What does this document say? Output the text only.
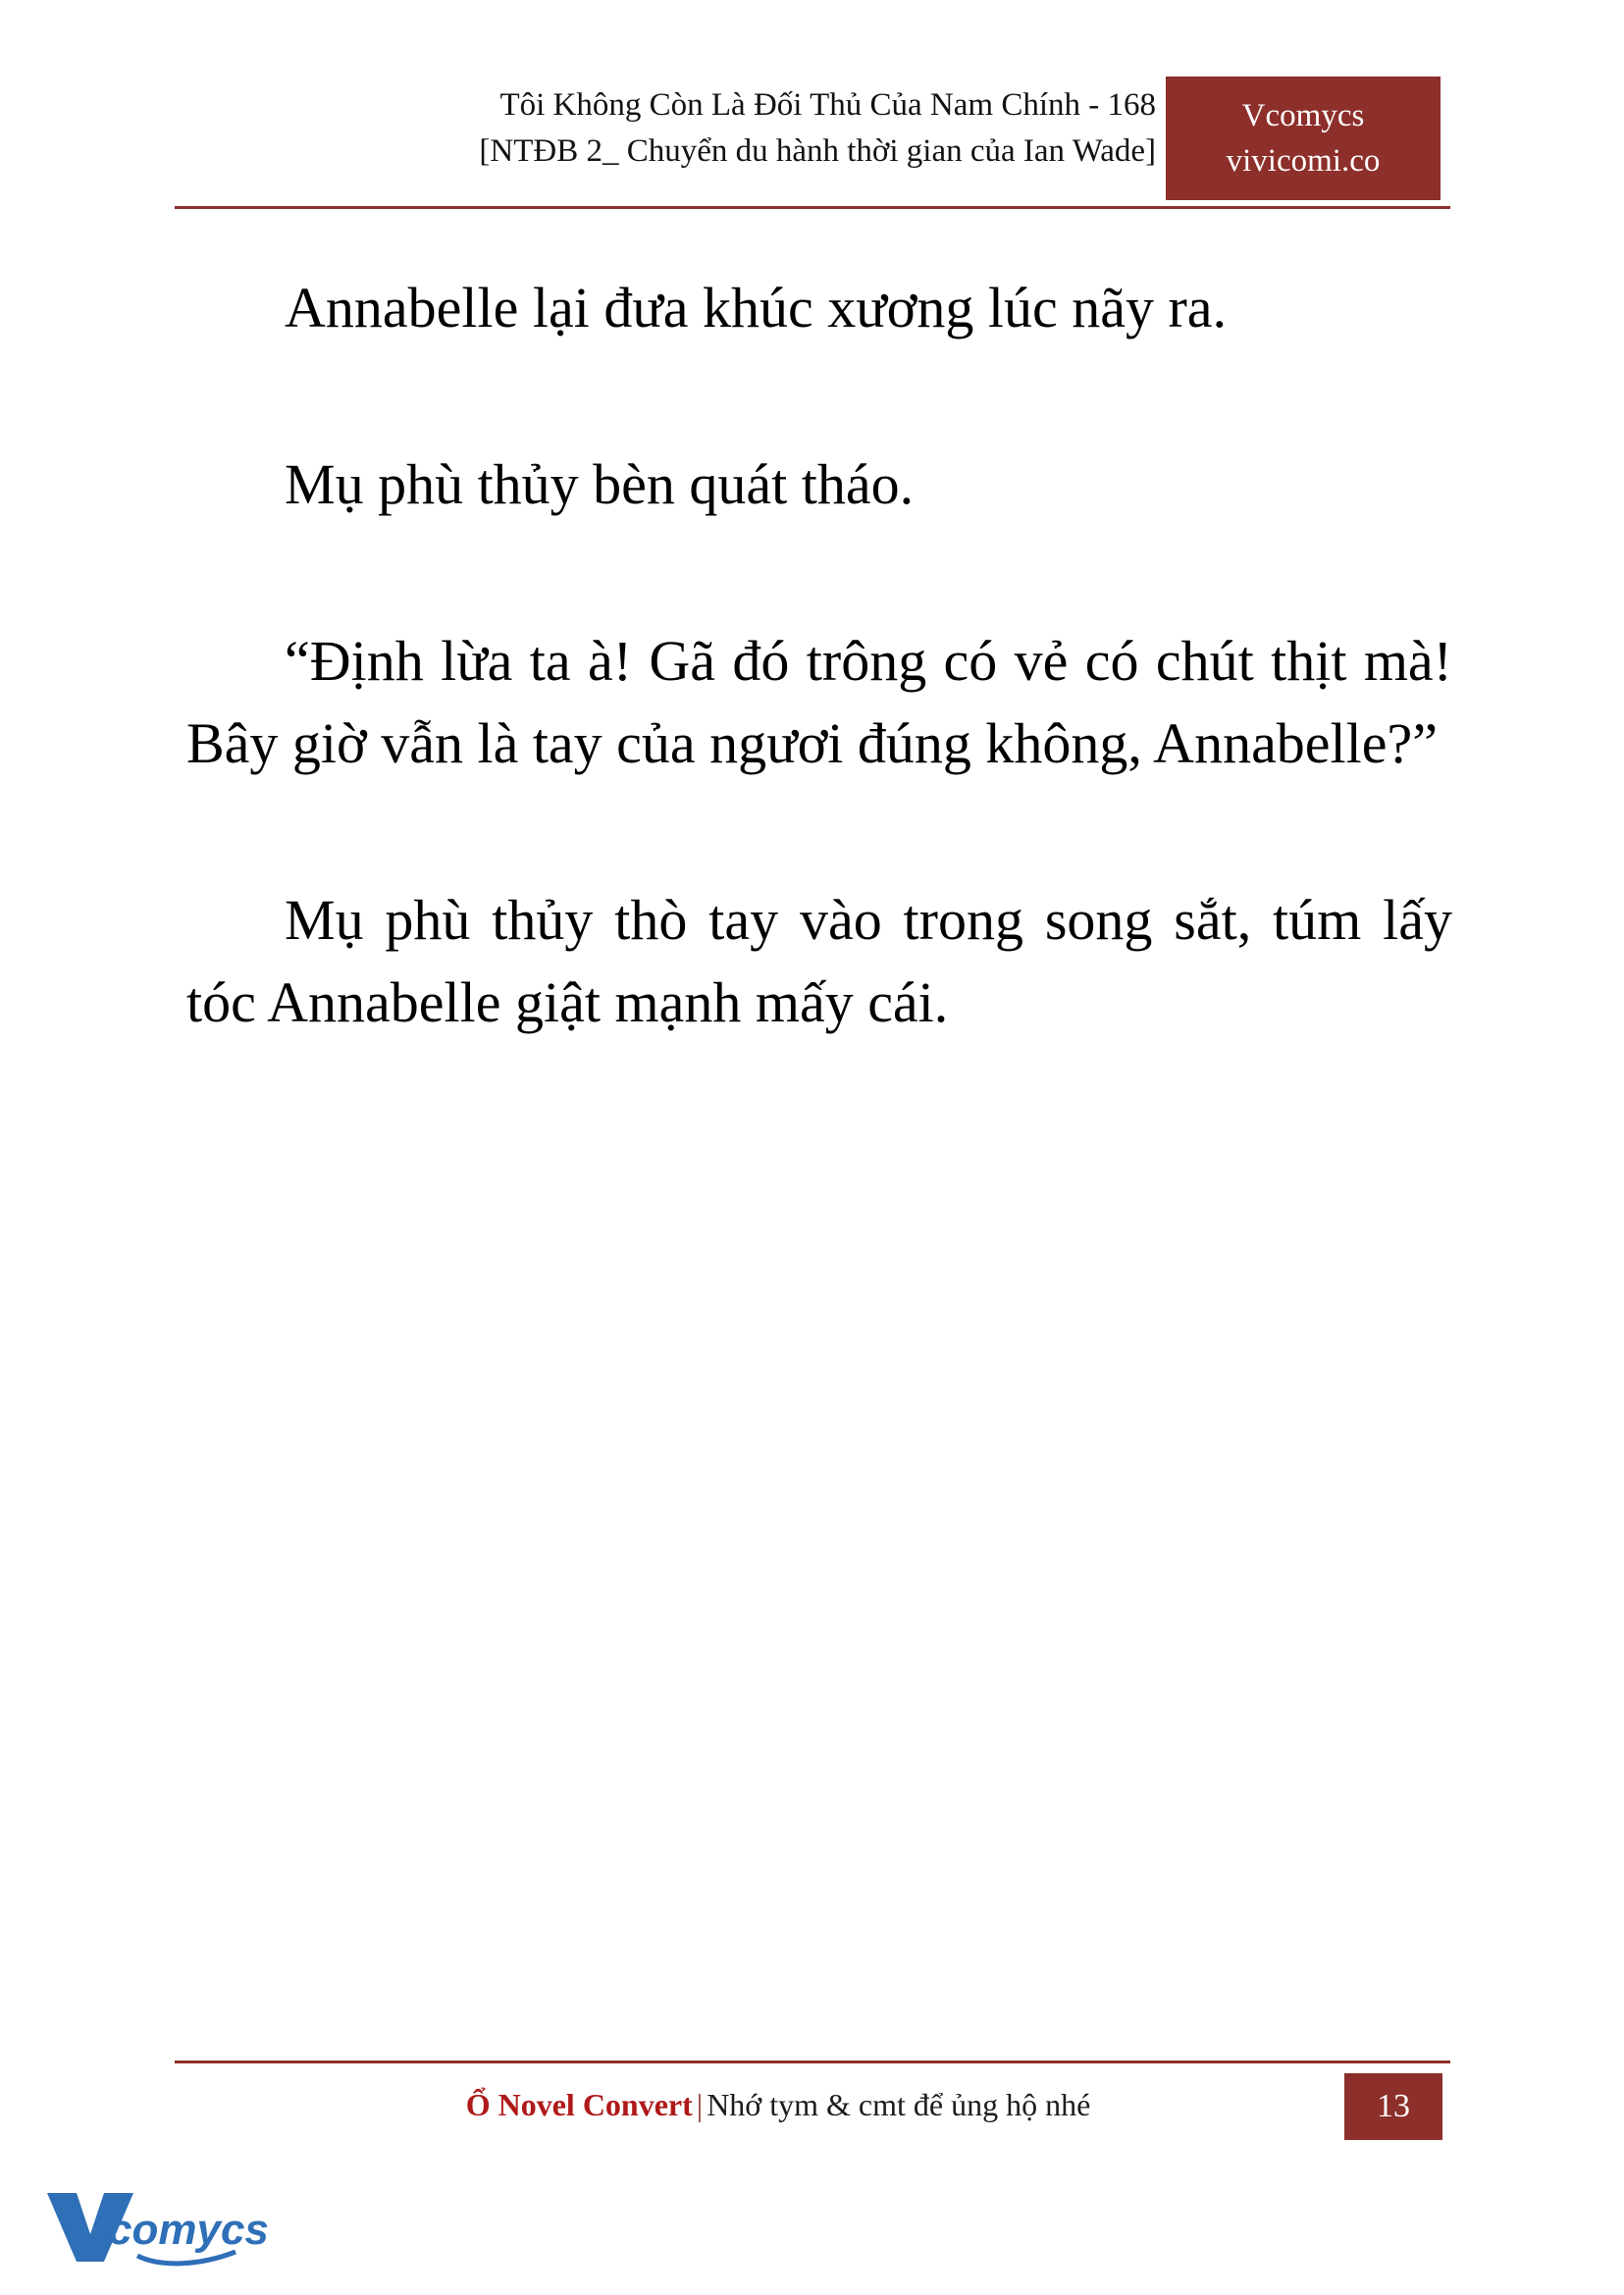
Tôi Không Còn Là Đối Thủ Của Nam Chính - 168
[NTĐB 2_ Chuyển du hành thời gian của Ian Wade]
Vcomycs
vivicomi.co

Annabelle lại đưa khúc xương lúc nãy ra.

Mụ phù thủy bèn quát tháo.

“Định lừa ta à! Gã đó trông có vẻ có chút thịt mà! Bây giờ vẫn là tay của ngươi đúng không, Annabelle?”

Mụ phù thủy thò tay vào trong song sắt, túm lấy tóc Annabelle giật mạnh mấy cái.

Ổ Novel Convert | Nhớ tym & cmt để ủng hộ nhé	13
comycs
